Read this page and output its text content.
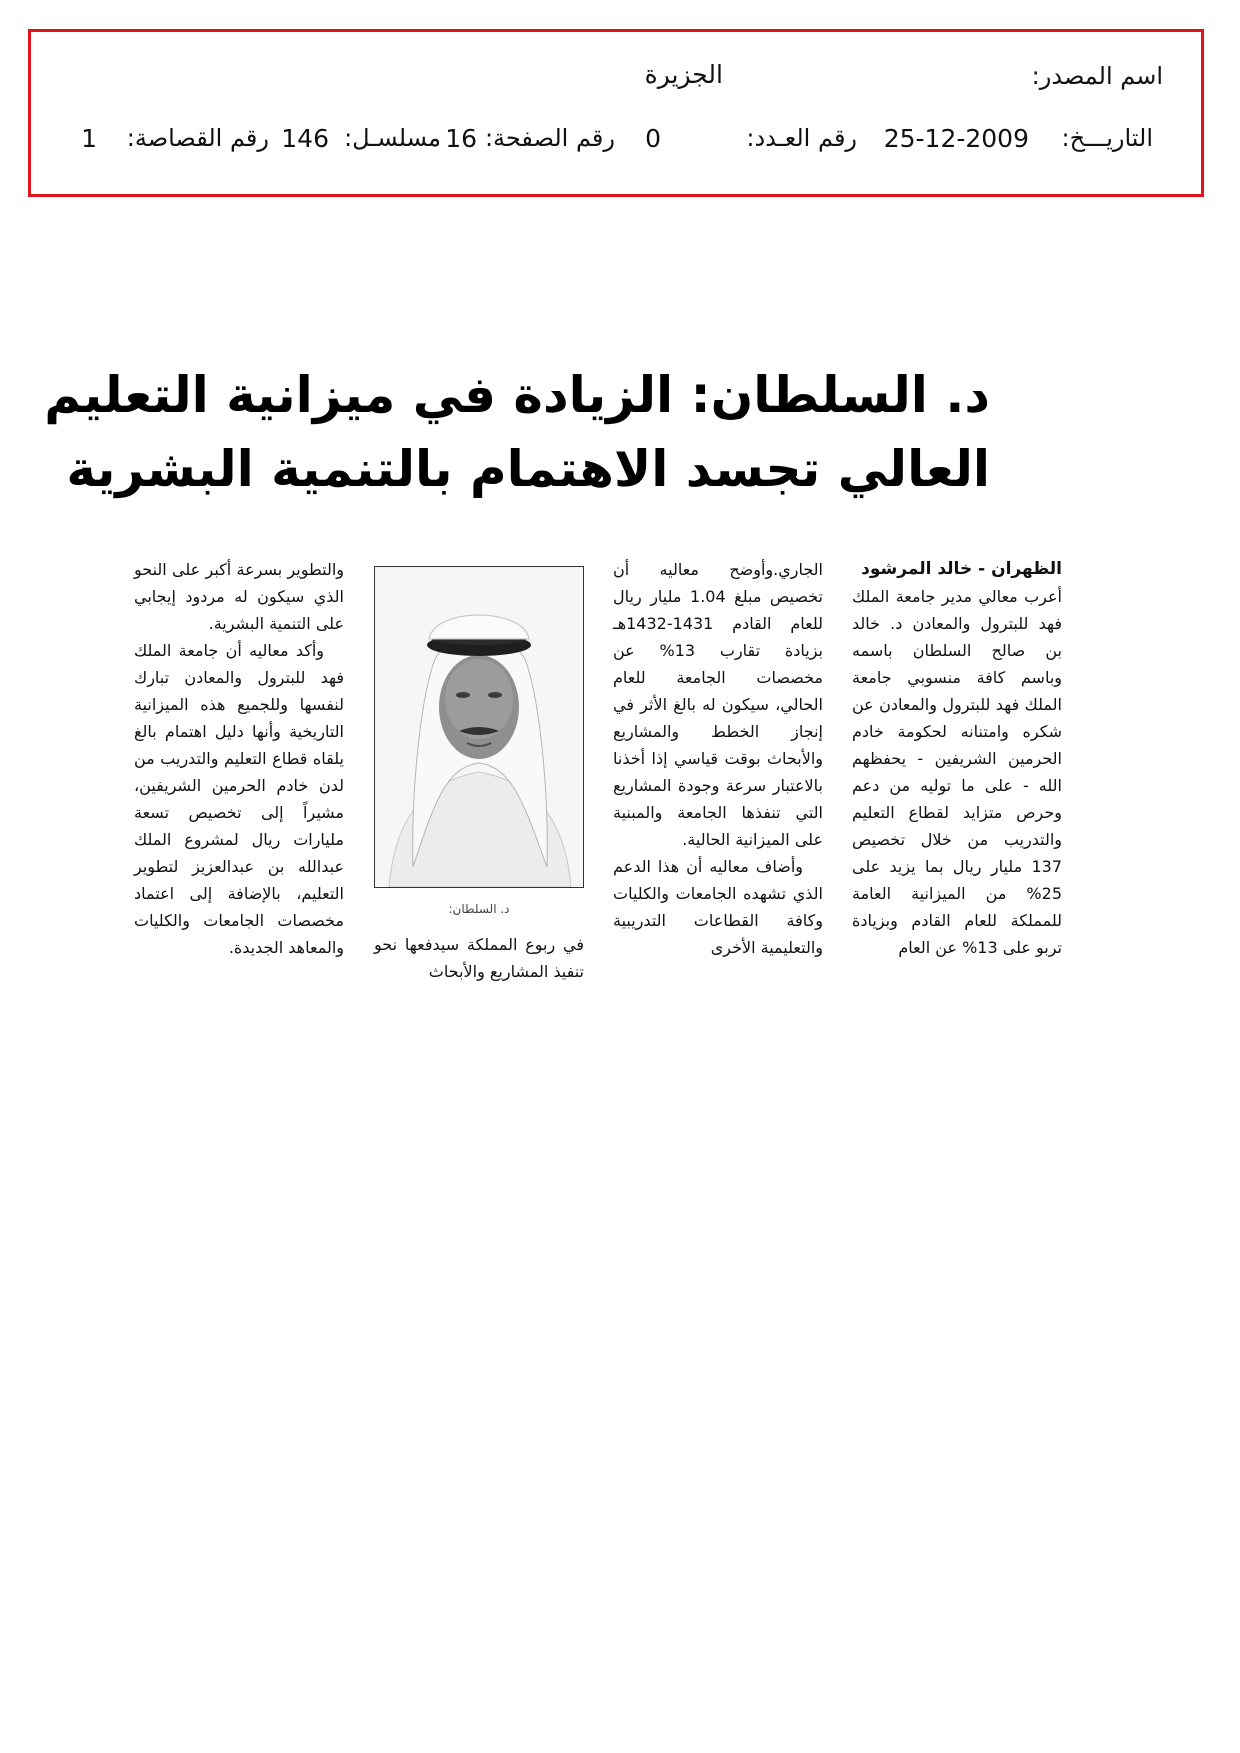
اسم المصدر:
الجزيرة
التاريـــخ:
25-12-2009
رقم العـدد:
0
رقم الصفحة:
16
مسلسـل:
146
رقم القصاصة:
1
د. السلطان: الزيادة في ميزانية التعليم
العالي تجسد الاهتمام بالتنمية البشرية

الظهران - خالد المرشود

أعرب معالي مدير جامعة الملك فهد للبترول والمعادن د. خالد بن صالح السلطان باسمه وباسم كافة منسوبي جامعة الملك فهد للبترول والمعادن عن شكره وامتنانه لحكومة خادم الحرمين الشريفين - يحفظهم الله - على ما توليه من دعم وحرص متزايد لقطاع التعليم والتدريب من خلال تخصيص 137 مليار ريال بما يزيد على 25% من الميزانية العامة للمملكة للعام القادم وبزيادة تربو على 13% عن العام

الجاري.وأوضح معاليه أن تخصيص مبلغ 1.04 مليار ريال للعام القادم 1431-1432هـ بزيادة تقارب 13% عن مخصصات الجامعة للعام الحالي، سيكون له بالغ الأثر في إنجاز الخطط والمشاريع والأبحاث بوقت قياسي إذا أخذنا بالاعتبار سرعة وجودة المشاريع التي تنفذها الجامعة والمبنية على الميزانية الحالية.

وأضاف معاليه أن هذا الدعم الذي تشهده الجامعات والكليات وكافة القطاعات التدريبية والتعليمية الأخرى

د. السلطان:
في ربوع المملكة سيدفعها نحو تنفيذ المشاريع والأبحاث

والتطوير بسرعة أكبر على النحو الذي سيكون له مردود إيجابي على التنمية البشرية.

وأكد معاليه أن جامعة الملك فهد للبترول والمعادن تبارك لنفسها وللجميع هذه الميزانية التاريخية وأنها دليل اهتمام بالغ يلقاه قطاع التعليم والتدريب من لدن خادم الحرمين الشريفين، مشيراً إلى تخصيص تسعة مليارات ريال لمشروع الملك عبدالله بن عبدالعزيز لتطوير التعليم، بالإضافة إلى اعتماد مخصصات الجامعات والكليات والمعاهد الجديدة.
